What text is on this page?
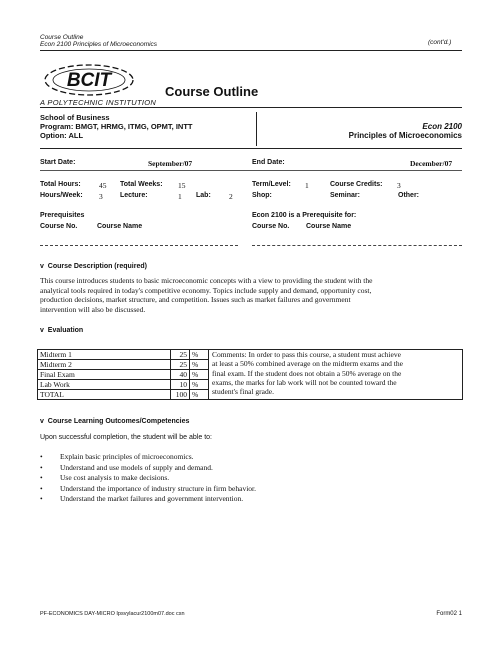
Course Outline
Econ 2100 Principles of Microeconomics	(cont'd.)
BCIT
A POLYTECHNIC INSTITUTION
Course Outline
School of Business
Program: BMGT, HRMG, ITMG, OPMT, INTT
Option: ALL
Econ 2100
Principles of Microeconomics
Start Date:	September/07	End Date:	December/07
Total Hours: 45 Total Weeks: 15	Term/Level: 1	Course Credits: 3
Hours/Week: 3 Lecture:	1 Lab: 2	Shop:	Seminar:	Other:
Prerequisites
Course No.	Course Name
Econ 2100 is a Prerequisite for:
Course No. Course Name
v Course Description (required)
This course introduces students to basic microeconomic concepts with a view to providing the student with the
analytical tools required in today's competitive economy. Topics include supply and demand, opportunity cost,
production decisions, market structure, and competition. Issues such as market failures and government
intervention will also be discussed.
v Evaluation
Midterm 1	25	%	Comments: In order to pass this course, a student must achieve
at least a 50% combined average on the midterm exams and the
final exam. If the student does not obtain a 50% average on the
exams, the marks for lab work will not be counted toward the
student's final grade.

Midterm 2	25	%	
Final Exam	40	%	
Lab Work	10	%	
TOTAL	100	%	
v Course Learning Outcomes/Competencies
Upon successful completion, the student will be able to:
• Explain basic principles of microeconomics.
• Understand and use models of supply and demand.
• Use cost analysis to make decisions.
• Understand the importance of industry structure in firm behavior.
• Understand the market failures and government intervention.
PF-ECONOMICS DAY-MICRO Ipsvylacur2100m07.doc csn	Form02 1
